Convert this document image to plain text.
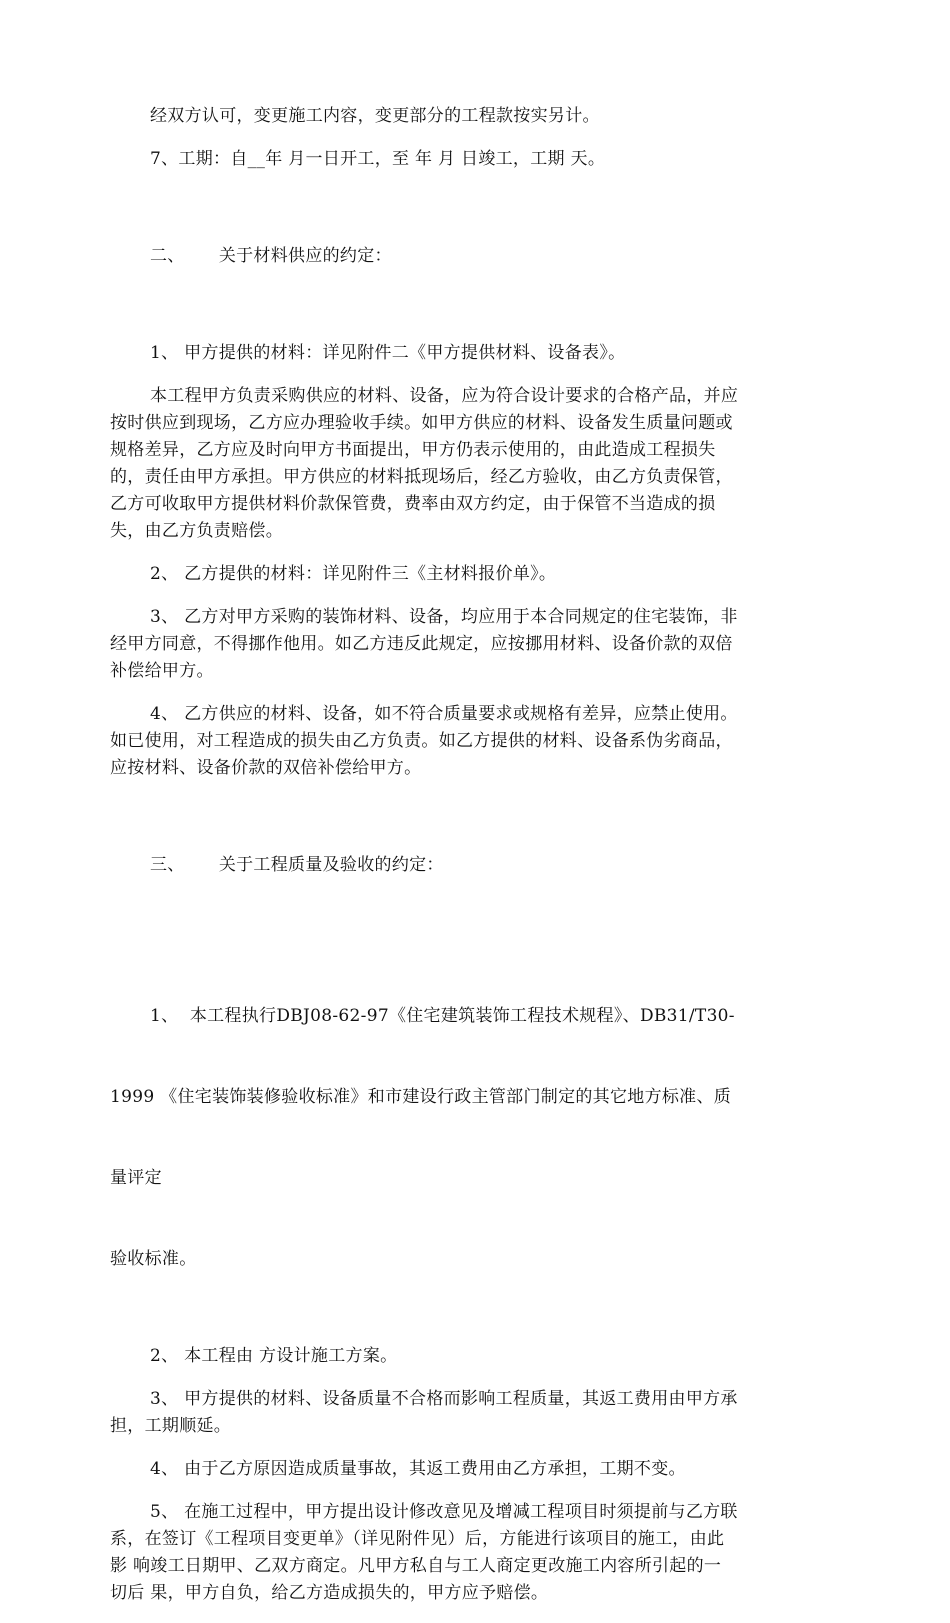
经双方认可，变更施工内容，变更部分的工程款按实另计。

7、工期：自__年 月一日开工，至 年 月 日竣工，工期 天。

二、      关于材料供应的约定：

1、 甲方提供的材料：详见附件二《甲方提供材料、设备表》。

本工程甲方负责采购供应的材料、设备，应为符合设计要求的合格产品，并应
按时供应到现场，乙方应办理验收手续。如甲方供应的材料、设备发生质量问题或
规格差异，乙方应及时向甲方书面提出，甲方仍表示使用的，由此造成工程损失
的，责任由甲方承担。甲方供应的材料抵现场后，经乙方验收，由乙方负责保管，
乙方可收取甲方提供材料价款保管费，费率由双方约定，由于保管不当造成的损
失，由乙方负责赔偿。

2、 乙方提供的材料：详见附件三《主材料报价单》。

3、 乙方对甲方采购的装饰材料、设备，均应用于本合同规定的住宅装饰，非
经甲方同意，不得挪作他用。如乙方违反此规定，应按挪用材料、设备价款的双倍
补偿给甲方。

4、 乙方供应的材料、设备，如不符合质量要求或规格有差异，应禁止使用。
如已使用，对工程造成的损失由乙方负责。如乙方提供的材料、设备系伪劣商品，
应按材料、设备价款的双倍补偿给甲方。

三、      关于工程质量及验收的约定：

1、  本工程执行DBJ08-62-97《住宅建筑装饰工程技术规程》、DB31/T30-

1999 《住宅装饰装修验收标准》和市建设行政主管部门制定的其它地方标准、质

量评定

验收标准。

2、 本工程由 方设计施工方案。

3、 甲方提供的材料、设备质量不合格而影响工程质量，其返工费用由甲方承
担，工期顺延。

4、 由于乙方原因造成质量事故，其返工费用由乙方承担，工期不变。

5、 在施工过程中，甲方提出设计修改意见及增减工程项目时须提前与乙方联
系，在签订《工程项目变更单》（详见附件见）后，方能进行该项目的施工，由此
影 响竣工日期甲、乙双方商定。凡甲方私自与工人商定更改施工内容所引起的一
切后 果，甲方自负，给乙方造成损失的，甲方应予赔偿。
